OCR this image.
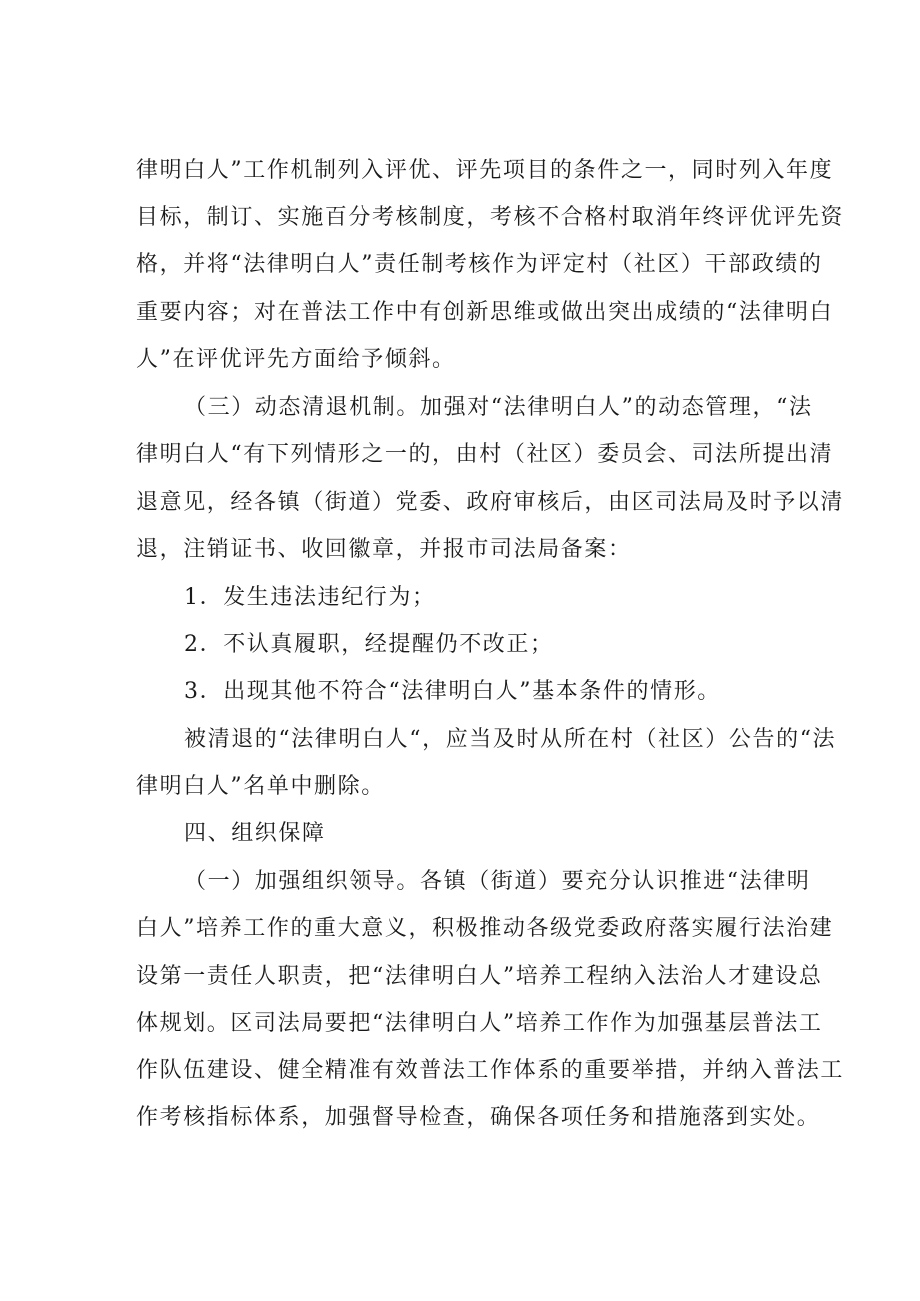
律明白人”工作机制列入评优、评先项目的条件之一，同时列入年度
目标，制订、实施百分考核制度，考核不合格村取消年终评优评先资
格，并将“法律明白人”责任制考核作为评定村（社区）干部政绩的
重要内容；对在普法工作中有创新思维或做出突出成绩的“法律明白
人”在评优评先方面给予倾斜。
（三）动态清退机制。加强对“法律明白人”的动态管理，“法
律明白人“有下列情形之一的，由村（社区）委员会、司法所提出清
退意见，经各镇（街道）党委、政府审核后，由区司法局及时予以清
退，注销证书、收回徽章，并报市司法局备案：
1．发生违法违纪行为；
2．不认真履职，经提醒仍不改正；
3．出现其他不符合“法律明白人”基本条件的情形。
被清退的“法律明白人“，应当及时从所在村（社区）公告的“法
律明白人”名单中删除。
四、组织保障
（一）加强组织领导。各镇（街道）要充分认识推进“法律明
白人”培养工作的重大意义，积极推动各级党委政府落实履行法治建
设第一责任人职责，把“法律明白人”培养工程纳入法治人才建设总
体规划。区司法局要把“法律明白人”培养工作作为加强基层普法工
作队伍建设、健全精准有效普法工作体系的重要举措，并纳入普法工
作考核指标体系，加强督导检查，确保各项任务和措施落到实处。
